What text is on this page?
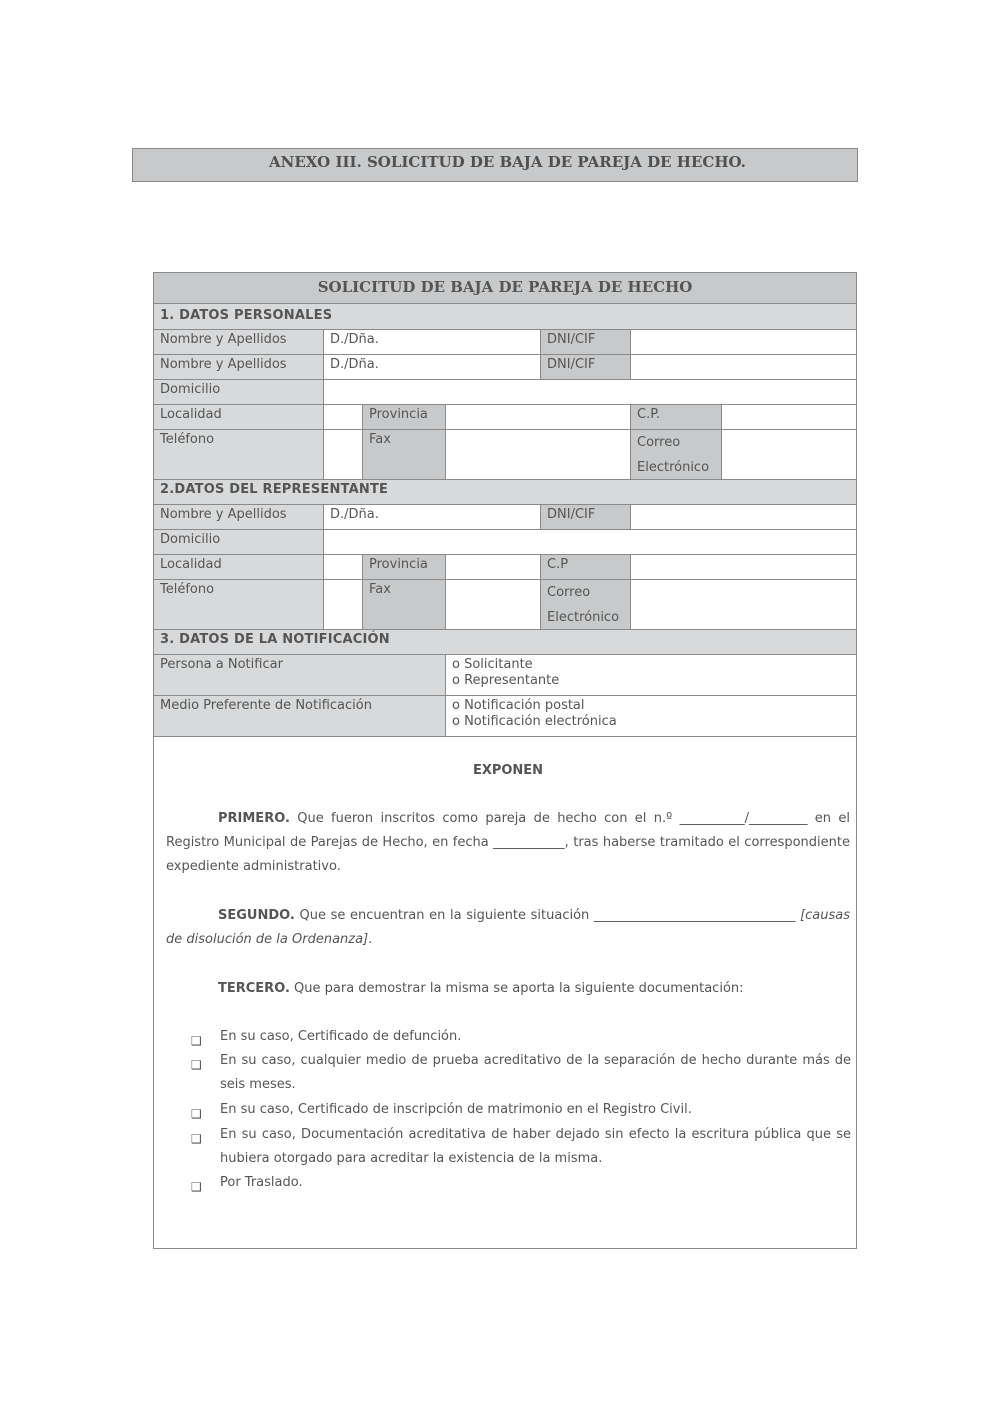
ANEXO III. SOLICITUD DE BAJA DE PAREJA DE HECHO.
SOLICITUD DE BAJA DE PAREJA DE HECHO
1. DATOS PERSONALES
Nombre y Apellidos	D./Dña.	DNI/CIF
Nombre y Apellidos	D./Dña.	DNI/CIF
Domicilio
Localidad	Provincia	C.P.
Teléfono	Fax	Correo
Electrónico
2.DATOS DEL REPRESENTANTE
Nombre y Apellidos	D./Dña.	DNI/CIF
Domicilio
Localidad	Provincia	C.P
Teléfono	Fax	Correo
Electrónico
3. DATOS DE LA NOTIFICACIÓN
Persona a Notificar	o Solicitante
o Representante
Medio Preferente de Notificación	o Notificación postal
o Notificación electrónica
EXPONEN
PRIMERO. Que fueron inscritos como pareja de hecho con el n.º __________/_________ en el Registro Municipal de Parejas de Hecho, en fecha ___________, tras haberse tramitado el correspondiente expediente administrativo.
SEGUNDO. Que se encuentran en la siguiente situación _______________________________ [causas de disolución de la Ordenanza].
TERCERO. Que para demostrar la misma se aporta la siguiente documentación:
❑ En su caso, Certificado de defunción.
❑ En su caso, cualquier medio de prueba acreditativo de la separación de hecho durante más de seis meses.
❑ En su caso, Certificado de inscripción de matrimonio en el Registro Civil.
❑ En su caso, Documentación acreditativa de haber dejado sin efecto la escritura pública que se hubiera otorgado para acreditar la existencia de la misma.
❑ Por Traslado.
